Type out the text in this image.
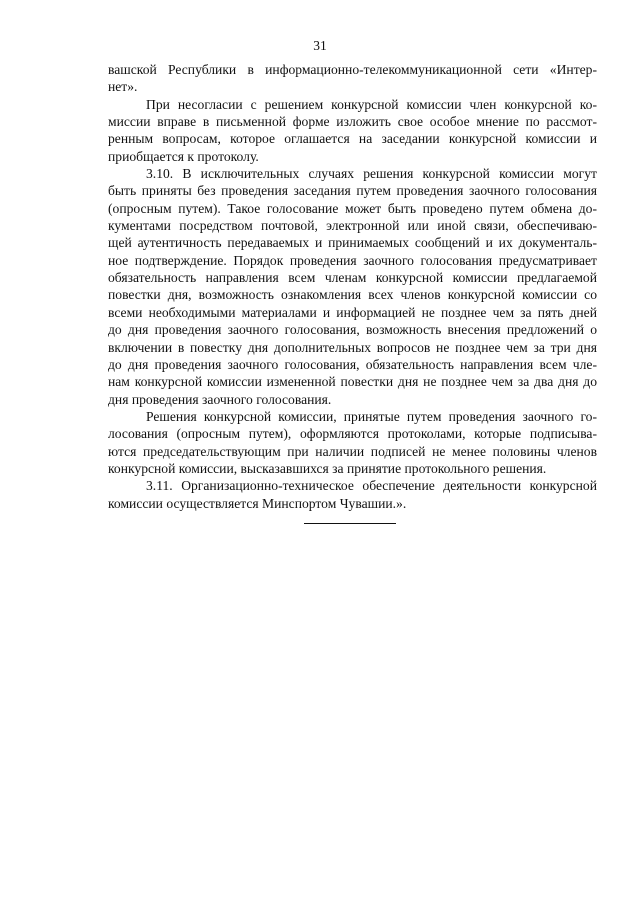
31
вашской Республики в информационно-телекоммуникационной сети «Интер-
нет».
При несогласии с решением конкурсной комиссии член конкурсной ко-
миссии вправе в письменной форме изложить свое особое мнение по рассмот-
ренным вопросам, которое оглашается на заседании конкурсной комиссии и
приобщается к протоколу.
3.10. В исключительных случаях решения конкурсной комиссии могут
быть приняты без проведения заседания путем проведения заочного голосования
(опросным путем). Такое голосование может быть проведено путем обмена до-
кументами посредством почтовой, электронной или иной связи, обеспечиваю-
щей аутентичность передаваемых и принимаемых сообщений и их документаль-
ное подтверждение. Порядок проведения заочного голосования предусматривает
обязательность направления всем членам конкурсной комиссии предлагаемой
повестки дня, возможность ознакомления всех членов конкурсной комиссии со
всеми необходимыми материалами и информацией не позднее чем за пять дней
до дня проведения заочного голосования, возможность внесения предложений о
включении в повестку дня дополнительных вопросов не позднее чем за три дня
до дня проведения заочного голосования, обязательность направления всем чле-
нам конкурсной комиссии измененной повестки дня не позднее чем за два дня до
дня проведения заочного голосования.
Решения конкурсной комиссии, принятые путем проведения заочного го-
лосования (опросным путем), оформляются протоколами, которые подписыва-
ются председательствующим при наличии подписей не менее половины членов
конкурсной комиссии, высказавшихся за принятие протокольного решения.
3.11. Организационно-техническое обеспечение деятельности конкурсной
комиссии осуществляется Минспортом Чувашии.».
